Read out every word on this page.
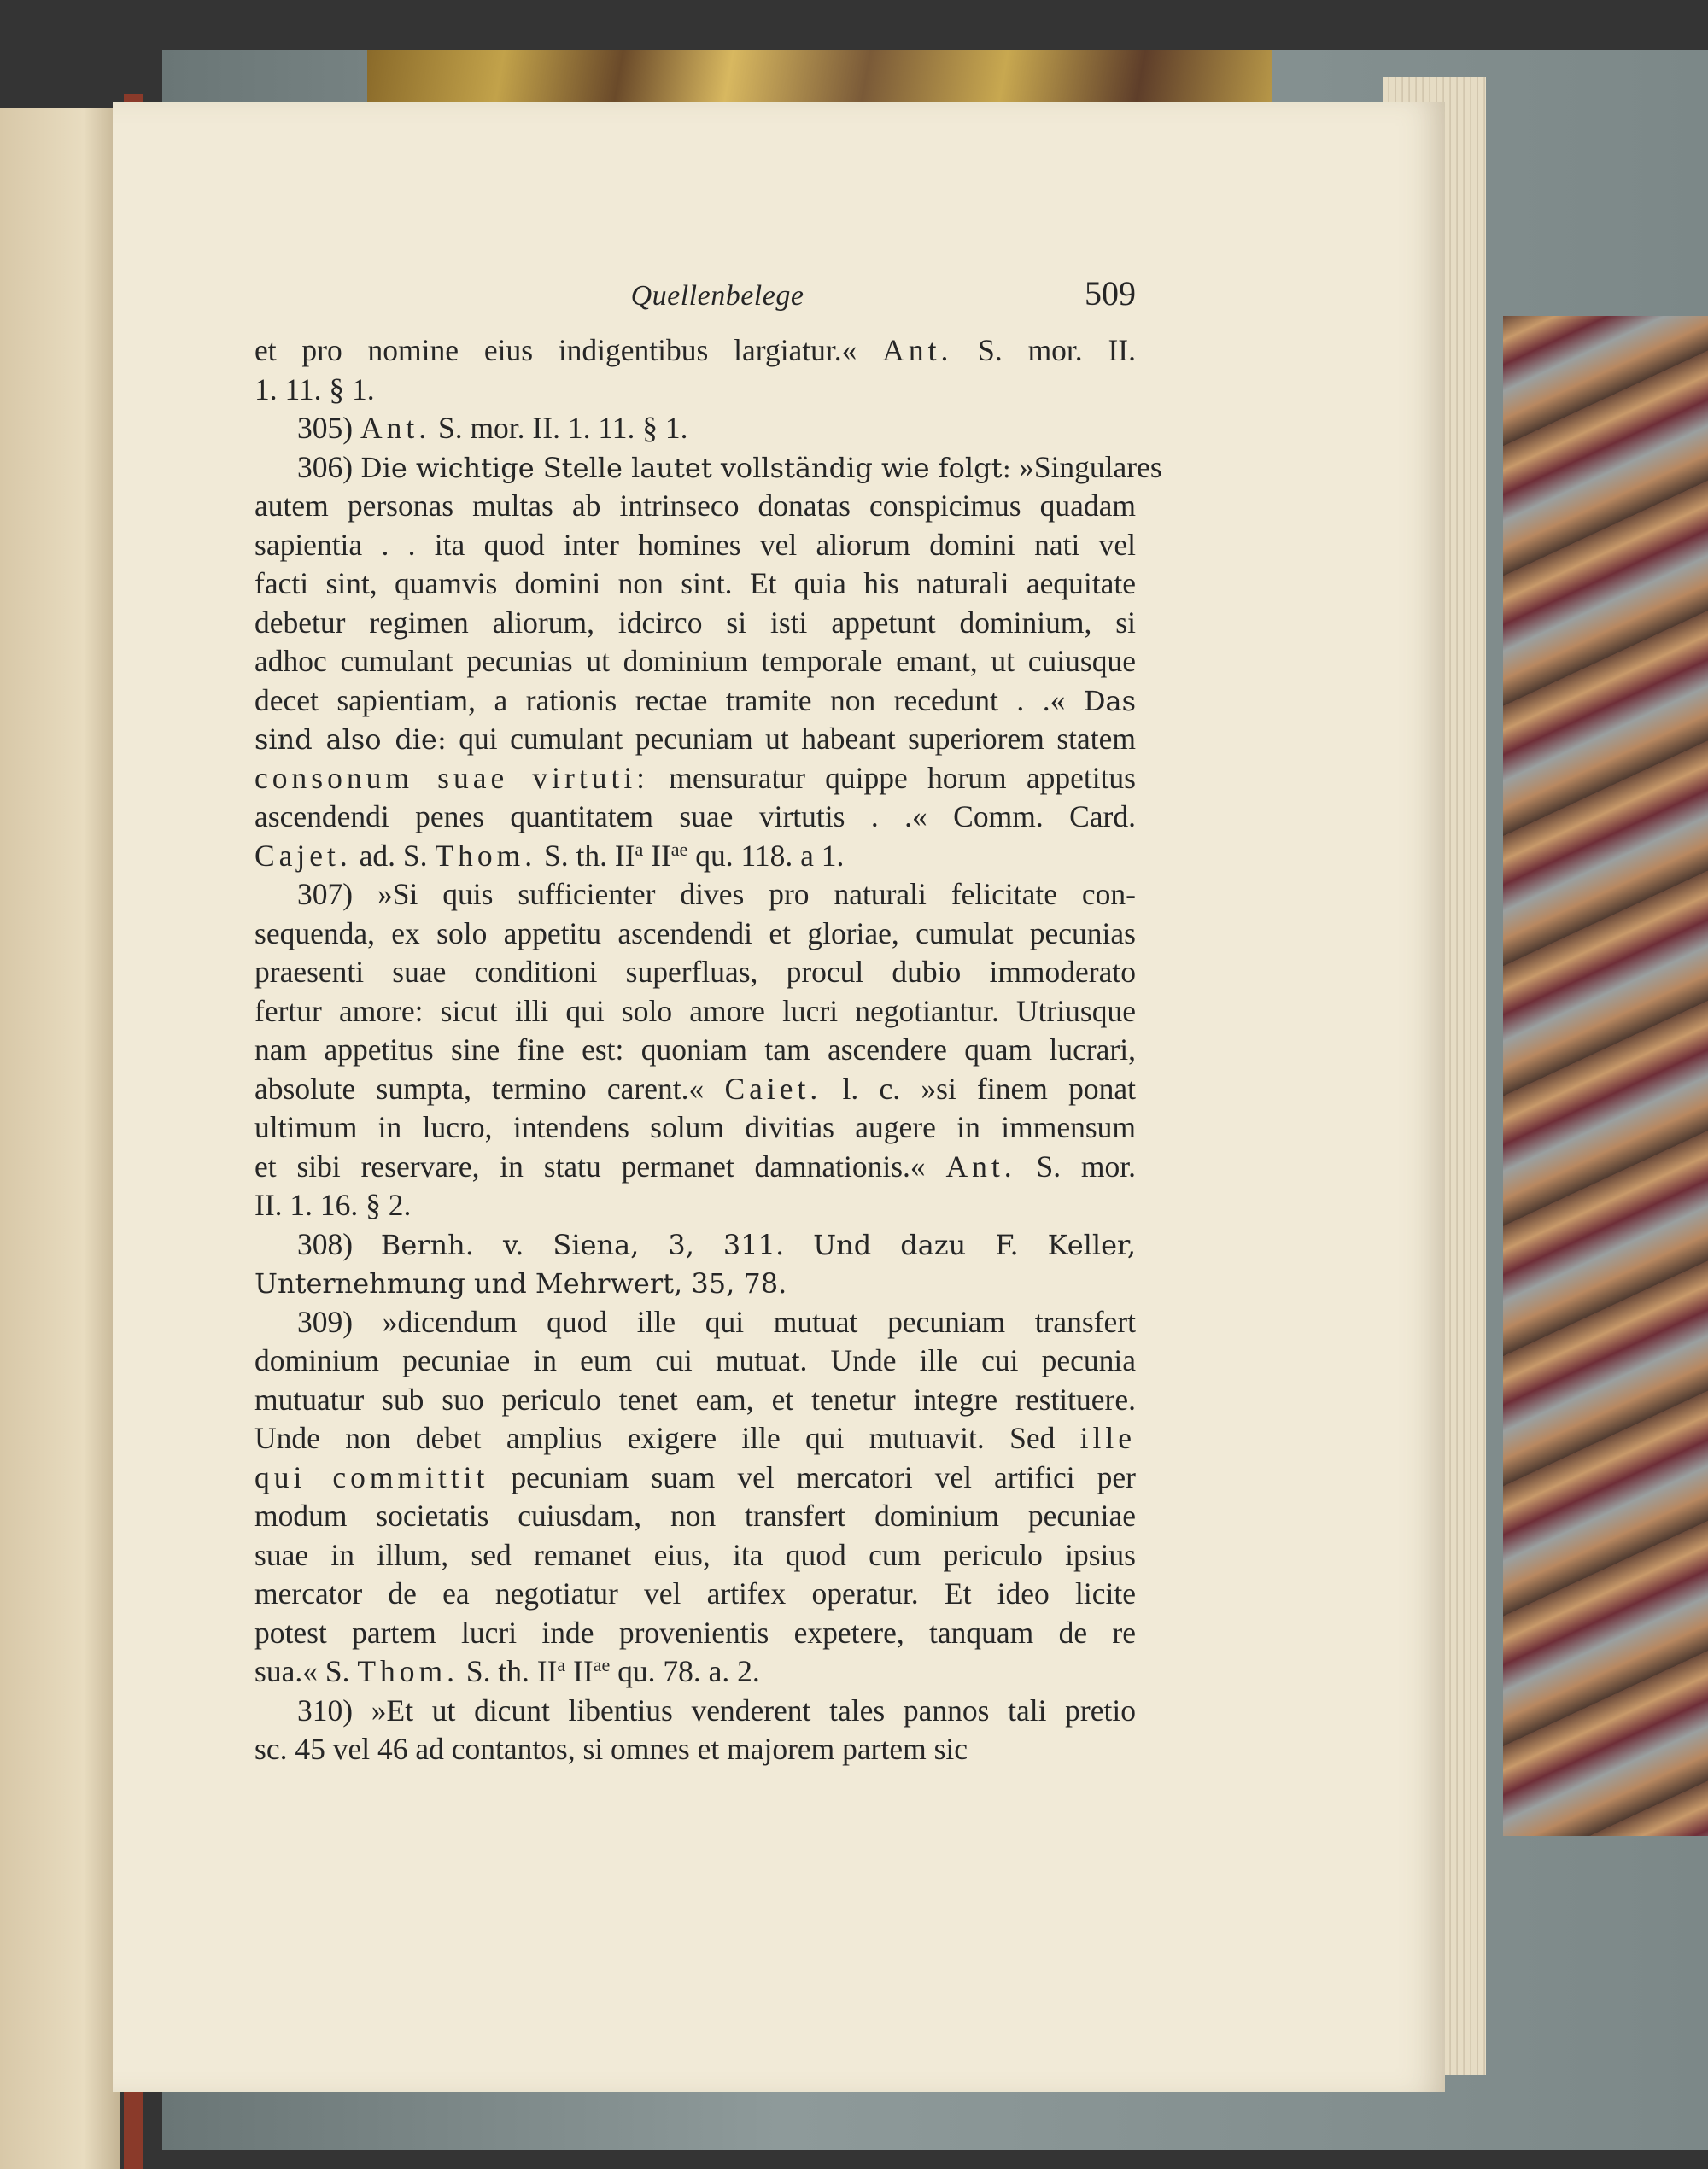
Quellenbelege	509
et pro nomine eius indigentibus largiatur.« Ant. S. mor. II.
1. 11. § 1.
305) Ant. S. mor. II. 1. 11. § 1.
306) Die wichtige Stelle lautet vollständig wie folgt: »Singulares
autem personas multas ab intrinseco donatas conspicimus quadam
sapientia . . ita quod inter homines vel aliorum domini nati vel
facti sint, quamvis domini non sint. Et quia his naturali aequitate
debetur regimen aliorum, idcirco si isti appetunt dominium, si
adhoc cumulant pecunias ut dominium temporale emant, ut cuiusque
decet sapientiam, a rationis rectae tramite non recedunt . .« Das
sind also die: qui cumulant pecuniam ut habeant superiorem statem
consonum suae virtuti: mensuratur quippe horum appetitus
ascendendi penes quantitatem suae virtutis . .« Comm. Card.
Cajet. ad. S. Thom. S. th. $II^a$ $II^{ae}$ qu. 118. a 1.
307) »Si quis sufficienter dives pro naturali felicitate con-
sequenda, ex solo appetitu ascendendi et gloriae, cumulat pecunias
praesenti suae conditioni superfluas, procul dubio immoderato
fertur amore: sicut illi qui solo amore lucri negotiantur. Utriusque
nam appetitus sine fine est: quoniam tam ascendere quam lucrari,
absolute sumpta, termino carent.« Caiet. l. c. »si finem ponat
ultimum in lucro, intendens solum divitias augere in immensum
et sibi reservare, in statu permanet damnationis.« Ant. S. mor.
II. 1. 16. § 2.
308) Bernh. v. Siena, 3, 311. Und dazu F. Keller,
Unternehmung und Mehrwert, 35, 78.
309) »dicendum quod ille qui mutuat pecuniam transfert
dominium pecuniae in eum cui mutuat. Unde ille cui pecunia
mutuatur sub suo periculo tenet eam, et tenetur integre restituere.
Unde non debet amplius exigere ille qui mutuavit. Sed ille
qui committit pecuniam suam vel mercatori vel artifici per
modum societatis cuiusdam, non transfert dominium pecuniae
suae in illum, sed remanet eius, ita quod cum periculo ipsius
mercator de ea negotiatur vel artifex operatur. Et ideo licite
potest partem lucri inde provenientis expetere, tanquam de re
sua.« S. Thom. S. th. $II^a$ $II^{ae}$ qu. 78. a. 2.
310) »Et ut dicunt libentius venderent tales pannos tali pretio
sc. 45 vel 46 ad contantos, si omnes et majorem partem sic
